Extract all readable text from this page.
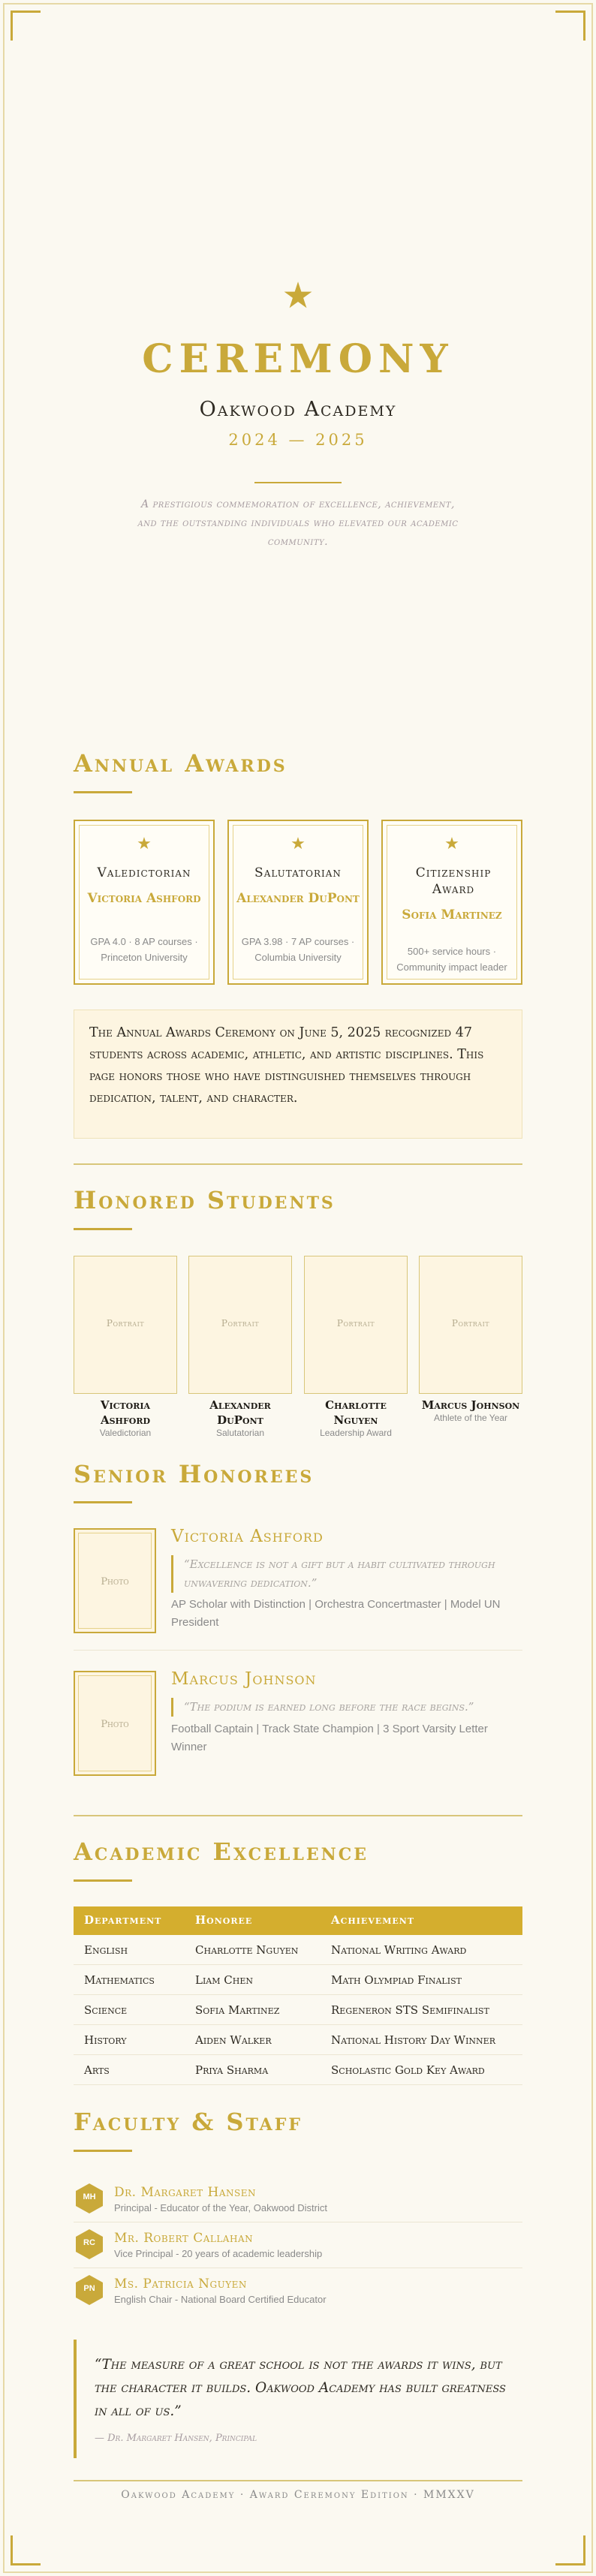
★
CEREMONY
Oakwood Academy
2024 — 2025
A prestigious commemoration of excellence, achievement, and the outstanding individuals who elevated our academic community.
Annual Awards
★
Valedictorian
Victoria Ashford
GPA 4.0 · 8 AP courses · Princeton University
★
Salutatorian
Alexander DuPont
GPA 3.98 · 7 AP courses · Columbia University
★
Citizenship Award
Sofia Martinez
500+ service hours · Community impact leader

The Annual Awards Ceremony on June 5, 2025 recognized 47 students across academic, athletic, and artistic disciplines. This page honors those who have distinguished themselves through dedication, talent, and character.

Honored Students
Portrait	Portrait	Portrait	Portrait
Victoria Ashford
Valedictorian
Alexander DuPont
Salutatorian
Charlotte Nguyen
Leadership Award
Marcus Johnson
Athlete of the Year
Senior Honorees
Photo
Victoria Ashford
“Excellence is not a gift but a habit cultivated through unwavering dedication.”
AP Scholar with Distinction | Orchestra Concertmaster | Model UN President
Photo
Marcus Johnson
“The podium is earned long before the race begins.”
Football Captain | Track State Champion | 3 Sport Varsity Letter Winner
Academic Excellence
Department	Honoree	Achievement
English	Charlotte Nguyen	National Writing Award
Mathematics	Liam Chen	Math Olympiad Finalist
Science	Sofia Martinez	Regeneron STS Semifinalist
History	Aiden Walker	National History Day Winner
Arts	Priya Sharma	Scholastic Gold Key Award
Faculty & Staff
MH	Dr. Margaret Hansen
Principal - Educator of the Year, Oakwood District
RC	Mr. Robert Callahan
Vice Principal - 20 years of academic leadership
PN	Ms. Patricia Nguyen
English Chair - National Board Certified Educator

“The measure of a great school is not the awards it wins, but the character it builds. Oakwood Academy has built greatness in all of us.”

— Dr. Margaret Hansen, Principal
Oakwood Academy · Award Ceremony Edition · MMXXV
